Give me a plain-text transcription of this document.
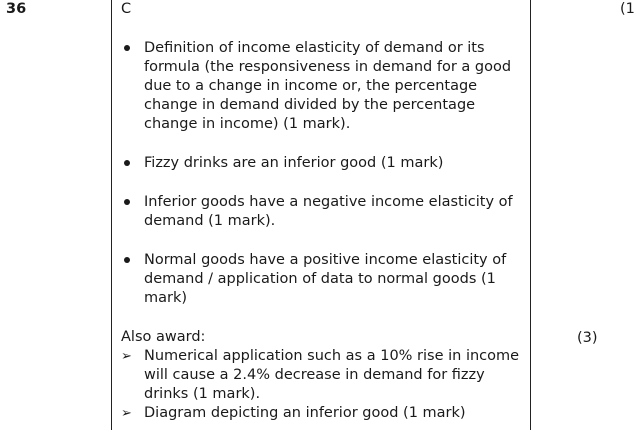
36	C

Definition of income elasticity of demand or its formula (the responsiveness in demand for a good due to a change in income or, the percentage change in demand divided by the percentage change in income) (1 mark).
Fizzy drinks are an inferior good (1 mark)
Inferior goods have a negative income elasticity of demand (1 mark).
Normal goods have a positive income elasticity of demand / application of data to normal goods (1 mark)

Also award:

➢ Numerical application such as a 10% rise in income will cause a 2.4% decrease in demand for fizzy drinks (1 mark).
➢ Diagram depicting an inferior good (1 mark)
(3)
(1
